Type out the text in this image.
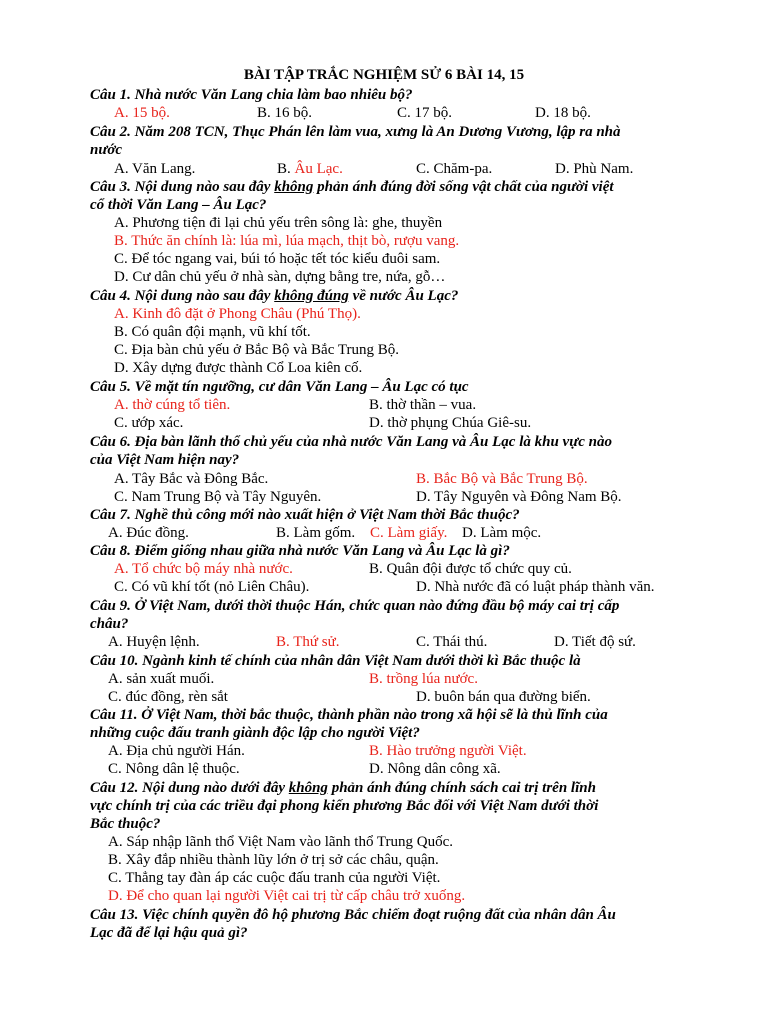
BÀI TẬP TRẮC NGHIỆM SỬ 6 BÀI 14, 15
Câu 1. Nhà nước Văn Lang chia làm bao nhiêu bộ?
A. 15 bộ.	B. 16 bộ.	C. 17 bộ.	D. 18 bộ.
Câu 2. Năm 208 TCN, Thục Phán lên làm vua, xưng là An Dương Vương, lập ra nhà
nước
A. Văn Lang.	B. Âu Lạc.	C. Chăm-pa.	D. Phù Nam.
Câu 3. Nội dung nào sau đây không phản ánh đúng đời sống vật chất của người việt
cổ thời Văn Lang – Âu Lạc?
A. Phương tiện đi lại chủ yếu trên sông là: ghe, thuyền
B. Thức ăn chính là: lúa mì, lúa mạch, thịt bò, rượu vang.
C. Để tóc ngang vai, búi tó hoặc tết tóc kiểu đuôi sam.
D. Cư dân chủ yếu ở nhà sàn, dựng bằng tre, nứa, gỗ…
Câu 4. Nội dung nào sau đây không đúng về nước Âu Lạc?
A. Kinh đô đặt ở Phong Châu (Phú Thọ).
B. Có quân đội mạnh, vũ khí tốt.
C. Địa bàn chủ yếu ở Bắc Bộ và Bắc Trung Bộ.
D. Xây dựng được thành Cổ Loa kiên cố.
Câu 5. Về mặt tín ngưỡng, cư dân Văn Lang – Âu Lạc có tục
A. thờ cúng tổ tiên.	B. thờ thần – vua.
C. ướp xác.	D. thờ phụng Chúa Giê-su.
Câu 6. Địa bàn lãnh thổ chủ yếu của nhà nước Văn Lang và Âu Lạc là khu vực nào
của Việt Nam hiện nay?
A. Tây Bắc và Đông Bắc.	B. Bắc Bộ và Bắc Trung Bộ.
C. Nam Trung Bộ và Tây Nguyên.	D. Tây Nguyên và Đông Nam Bộ.
Câu 7. Nghề thủ công mới nào xuất hiện ở Việt Nam thời Bắc thuộc?
A. Đúc đồng.	B. Làm gốm. C. Làm giấy. D. Làm mộc.
Câu 8. Điểm giống nhau giữa nhà nước Văn Lang và Âu Lạc là gì?
A. Tổ chức bộ máy nhà nước.	B. Quân đội được tổ chức quy củ.
C. Có vũ khí tốt (nỏ Liên Châu).	D. Nhà nước đã có luật pháp thành văn.
Câu 9. Ở Việt Nam, dưới thời thuộc Hán, chức quan nào đứng đầu bộ máy cai trị cấp
châu?
A. Huyện lệnh.	B. Thứ sử.	C. Thái thú.	D. Tiết độ sứ.
Câu 10. Ngành kinh tế chính của nhân dân Việt Nam dưới thời kì Bắc thuộc là
A. sản xuất muối.	B. trồng lúa nước.
C. đúc đồng, rèn sắt	D. buôn bán qua đường biển.
Câu 11. Ở Việt Nam, thời bắc thuộc, thành phần nào trong xã hội sẽ là thủ lĩnh của
những cuộc đấu tranh giành độc lập cho người Việt?
A. Địa chủ người Hán.	B. Hào trưởng người Việt.
C. Nông dân lệ thuộc.	D. Nông dân công xã.
Câu 12. Nội dung nào dưới đây không phản ánh đúng chính sách cai trị trên lĩnh
vực chính trị của các triều đại phong kiến phương Bắc đối với Việt Nam dưới thời
Bắc thuộc?
A. Sáp nhập lãnh thổ Việt Nam vào lãnh thổ Trung Quốc.
B. Xây đắp nhiều thành lũy lớn ở trị sở các châu, quận.
C. Thẳng tay đàn áp các cuộc đấu tranh của người Việt.
D. Để cho quan lại người Việt cai trị từ cấp châu trở xuống.
Câu 13. Việc chính quyền đô hộ phương Bắc chiếm đoạt ruộng đất của nhân dân Âu
Lạc đã để lại hậu quả gì?
